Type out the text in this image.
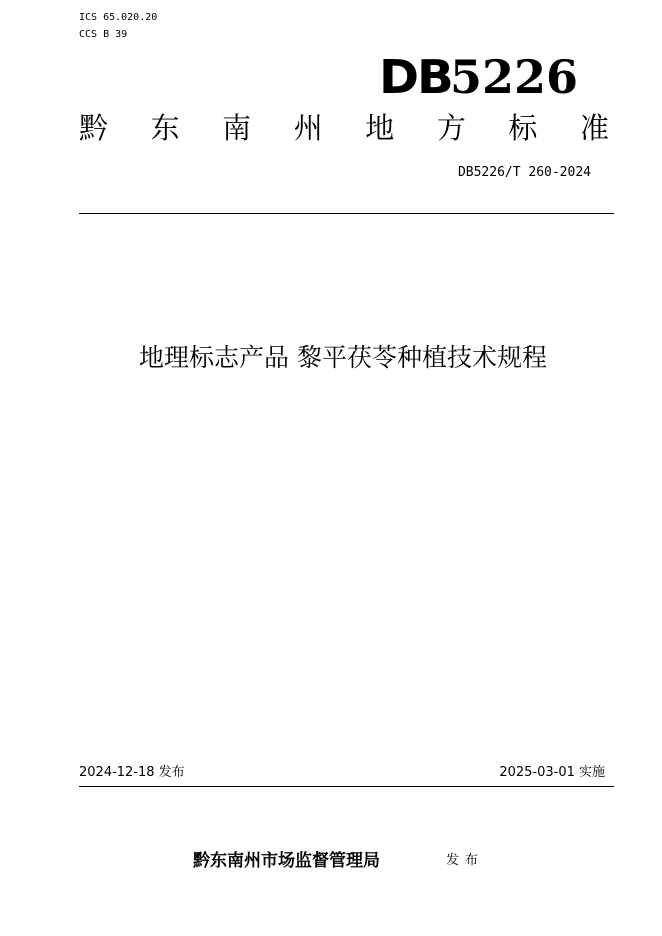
ICS 65.020.20
CCS B 39
DB
5226
黔 东 南 州 地 方 标 准
DB5226/T 260-2024
地理标志产品 黎平茯苓种植技术规程
2024-12-18 发布	2025-03-01 实施
黔东南州市场监督管理局	发布
